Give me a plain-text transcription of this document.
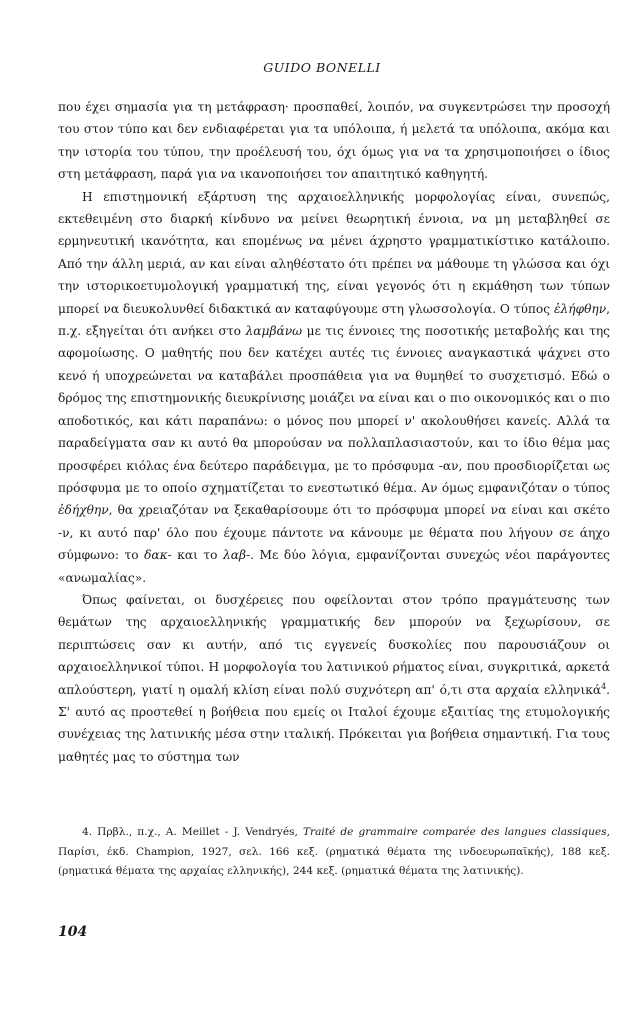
GUIDO BONELLI

που έχει σημασία για τη μετάφραση· προσπαθεί, λοιπόν, να συγκεντρώσει την προσοχή του στον τύπο και δεν ενδιαφέρεται για τα υπόλοιπα, ή μελετά τα υπόλοιπα, ακόμα και την ιστορία του τύπου, την προέλευσή του, όχι όμως για να τα χρησιμοποιήσει ο ίδιος στη μετάφραση, παρά για να ικανοποιήσει τον απαιτητικό καθηγητή.

Η επιστημονική εξάρτυση της αρχαιοελληνικής μορφολογίας είναι, συνεπώς, εκτεθειμένη στο διαρκή κίνδυνο να μείνει θεωρητική έννοια, να μη μεταβληθεί σε ερμηνευτική ικανότητα, και επομένως να μένει άχρηστο γραμματικίστικο κατάλοιπο. Από την άλλη μεριά, αν και είναι αληθέστατο ότι πρέπει να μάθουμε τη γλώσσα και όχι την ιστορικοετυμολογική γραμματική της, είναι γεγονός ότι η εκμάθηση των τύπων μπορεί να διευκολυνθεί διδακτικά αν καταφύγουμε στη γλωσσολογία. Ο τύπος ἐλήφθην, π.χ. εξηγείται ότι ανήκει στο λαμβάνω με τις έννοιες της ποσοτικής μεταβολής και της αφομοίωσης. Ο μαθητής που δεν κατέχει αυτές τις έννοιες αναγκαστικά ψάχνει στο κενό ή υποχρεώνεται να καταβάλει προσπάθεια για να θυμηθεί το συσχετισμό. Εδώ ο δρόμος της επιστημονικής διευκρίνισης μοιάζει να είναι και ο πιο οικονομικός και ο πιο αποδοτικός, και κάτι παραπάνω: ο μόνος που μπορεί ν' ακολουθήσει κανείς. Αλλά τα παραδείγματα σαν κι αυτό θα μπορούσαν να πολλαπλασιαστούν, και το ίδιο θέμα μας προσφέρει κιόλας ένα δεύτερο παράδειγμα, με το πρόσφυμα -αν, που προσδιορίζεται ως πρόσφυμα με το οποίο σχηματίζεται το ενεστωτικό θέμα. Αν όμως εμφανιζόταν ο τύπος ἐδήχθην, θα χρειαζόταν να ξεκαθαρίσουμε ότι το πρόσφυμα μπορεί να είναι και σκέτο -ν, κι αυτό παρ' όλο που έχουμε πάντοτε να κάνουμε με θέματα που λήγουν σε άηχο σύμφωνο: το δακ- και το λαβ-. Με δύο λόγια, εμφανίζονται συνεχώς νέοι παράγοντες «ανωμαλίας».

Όπως φαίνεται, οι δυσχέρειες που οφείλονται στον τρόπο πραγμάτευσης των θεμάτων της αρχαιοελληνικής γραμματικής δεν μπορούν να ξεχωρίσουν, σε περιπτώσεις σαν κι αυτήν, από τις εγγενείς δυσκολίες που παρουσιάζουν οι αρχαιοελληνικοί τύποι. Η μορφολογία του λατινικού ρήματος είναι, συγκριτικά, αρκετά απλούστερη, γιατί η ομαλή κλίση είναι πολύ συχνότερη απ' ό,τι στα αρχαία ελληνικά$^4$. Σ' αυτό ας προστεθεί η βοήθεια που εμείς οι Ιταλοί έχουμε εξαιτίας της ετυμολογικής συνέχειας της λατινικής μέσα στην ιταλική. Πρόκειται για βοήθεια σημαντική. Για τους μαθητές μας το σύστημα των

4. Πρβλ., π.χ., A. Meillet - J. Vendryés, Traité de grammaire comparée des langues classiques, Παρίσι, έκδ. Champion, 1927, σελ. 166 κεξ. (ρηματικά θέματα της ινδοευρωπαϊκής), 188 κεξ. (ρηματικά θέματα της αρχαίας ελληνικής), 244 κεξ. (ρηματικά θέματα της λατινικής).

104
